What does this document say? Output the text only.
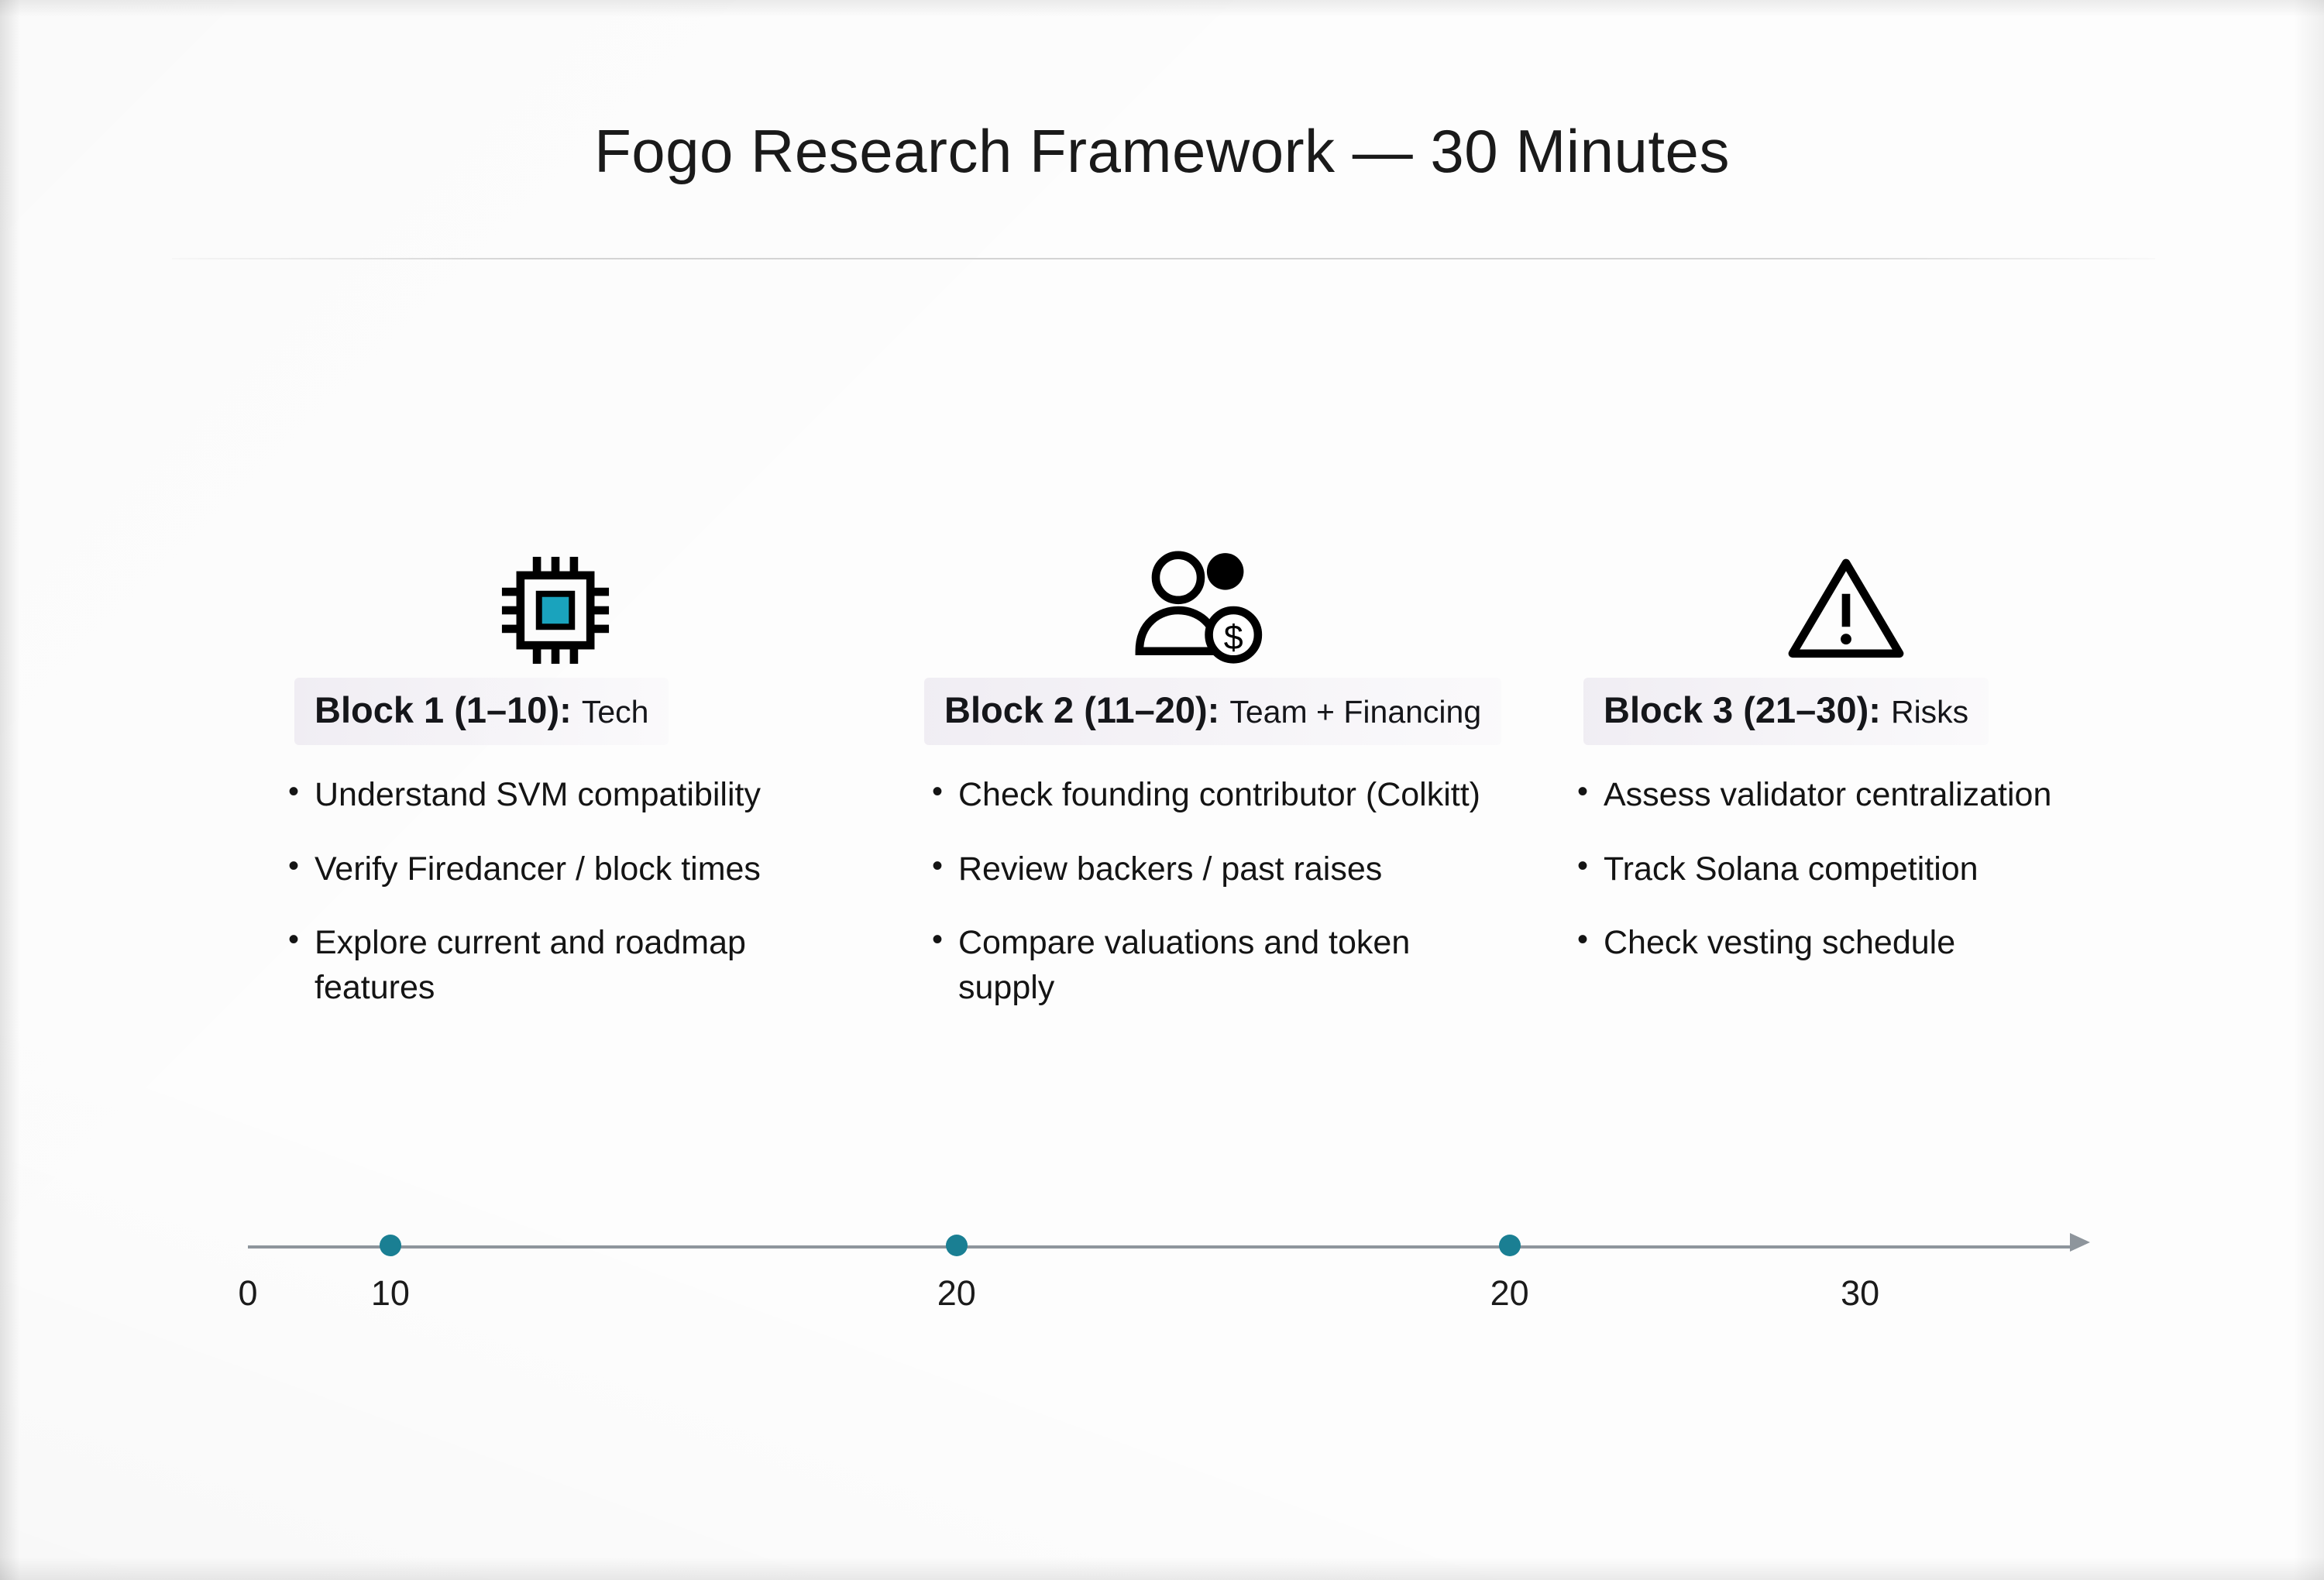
Fogo Research Framework — 30 Minutes
Block 1 (1–10): Tech
• Understand SVM compatibility
• Verify Firedancer / block times
• Explore current and roadmap features
$
Block 2 (11–20): Team + Financing
• Check founding contributor (Colkitt)
• Review backers / past raises
• Compare valuations and token supply
Block 3 (21–30): Risks
• Assess validator centralization
• Track Solana competition
• Check vesting schedule
0	10	20	20	30
